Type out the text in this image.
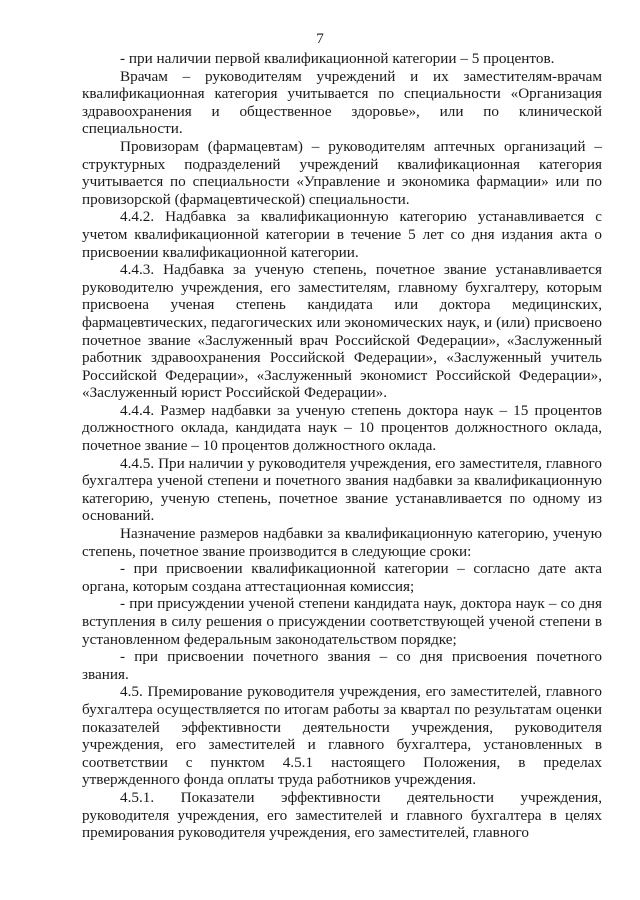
7

- при наличии первой квалификационной категории – 5 процентов.

Врачам – руководителям учреждений и их заместителям-врачам квалификационная категория учитывается по специальности «Организация здравоохранения и общественное здоровье», или по клинической специальности.

Провизорам (фармацевтам) – руководителям аптечных организаций – структурных подразделений учреждений квалификационная категория учитывается по специальности «Управление и экономика фармации» или по провизорской (фармацевтической) специальности.

4.4.2. Надбавка за квалификационную категорию устанавливается с учетом квалификационной категории в течение 5 лет со дня издания акта о присвоении квалификационной категории.

4.4.3. Надбавка за ученую степень, почетное звание устанавливается руководителю учреждения, его заместителям, главному бухгалтеру, которым присвоена ученая степень кандидата или доктора медицинских, фармацевтических, педагогических или экономических наук, и (или) присвоено почетное звание «Заслуженный врач Российской Федерации», «Заслуженный работник здравоохранения Российской Федерации», «Заслуженный учитель Российской Федерации», «Заслуженный экономист Российской Федерации», «Заслуженный юрист Российской Федерации».

4.4.4. Размер надбавки за ученую степень доктора наук – 15 процентов должностного оклада, кандидата наук – 10 процентов должностного оклада, почетное звание – 10 процентов должностного оклада.

4.4.5. При наличии у руководителя учреждения, его заместителя, главного бухгалтера ученой степени и почетного звания надбавки за квалификационную категорию, ученую степень, почетное звание устанавливается по одному из оснований.

Назначение размеров надбавки за квалификационную категорию, ученую степень, почетное звание производится в следующие сроки:

- при присвоении квалификационной категории – согласно дате акта органа, которым создана аттестационная комиссия;

- при присуждении ученой степени кандидата наук, доктора наук – со дня вступления в силу решения о присуждении соответствующей ученой степени в установленном федеральным законодательством порядке;

- при присвоении почетного звания – со дня присвоения почетного звания.

4.5. Премирование руководителя учреждения, его заместителей, главного бухгалтера осуществляется по итогам работы за квартал по результатам оценки показателей эффективности деятельности учреждения, руководителя учреждения, его заместителей и главного бухгалтера, установленных в соответствии с пунктом 4.5.1 настоящего Положения, в пределах утвержденного фонда оплаты труда работников учреждения.

4.5.1. Показатели эффективности деятельности учреждения, руководителя учреждения, его заместителей и главного бухгалтера в целях премирования руководителя учреждения, его заместителей, главного
